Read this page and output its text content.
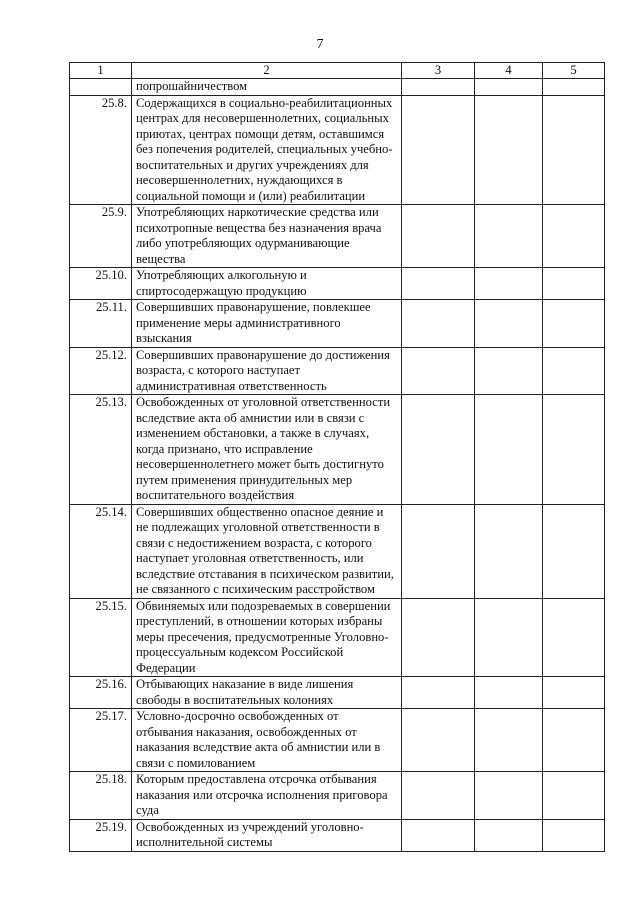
7
1	2	3	4	5
	попрошайничеством			
25.8.	Содержащихся в социально-реабилитационных центрах для несовершеннолетних, социальных приютах, центрах помощи детям, оставшимся без попечения родителей, специальных учебно-воспитательных и других учреждениях для несовершеннолетних, нуждающихся в социальной помощи и (или) реабилитации			
25.9.	Употребляющих наркотические средства или психотропные вещества без назначения врача либо употребляющих одурманивающие вещества			
25.10.	Употребляющих алкогольную и спиртосодержащую продукцию			
25.11.	Совершивших правонарушение, повлекшее применение меры административного взыскания			
25.12.	Совершивших правонарушение до достижения возраста, с которого наступает административная ответственность			
25.13.	Освобожденных от уголовной ответственности вследствие акта об амнистии или в связи с изменением обстановки, а также в случаях, когда признано, что исправление несовершеннолетнего может быть достигнуто путем применения принудительных мер воспитательного воздействия			
25.14.	Совершивших общественно опасное деяние и не подлежащих уголовной ответственности в связи с недостижением возраста, с которого наступает уголовная ответственность, или вследствие отставания в психическом развитии, не связанного с психическим расстройством			
25.15.	Обвиняемых или подозреваемых в совершении преступлений, в отношении которых избраны меры пресечения, предусмотренные Уголовно-процессуальным кодексом Российской Федерации			
25.16.	Отбывающих наказание в виде лишения свободы в воспитательных колониях			
25.17.	Условно-досрочно освобожденных от отбывания наказания, освобожденных от наказания вследствие акта об амнистии или в связи с помилованием			
25.18.	Которым предоставлена отсрочка отбывания наказания или отсрочка исполнения приговора суда			
25.19.	Освобожденных из учреждений уголовно-исполнительной системы			
